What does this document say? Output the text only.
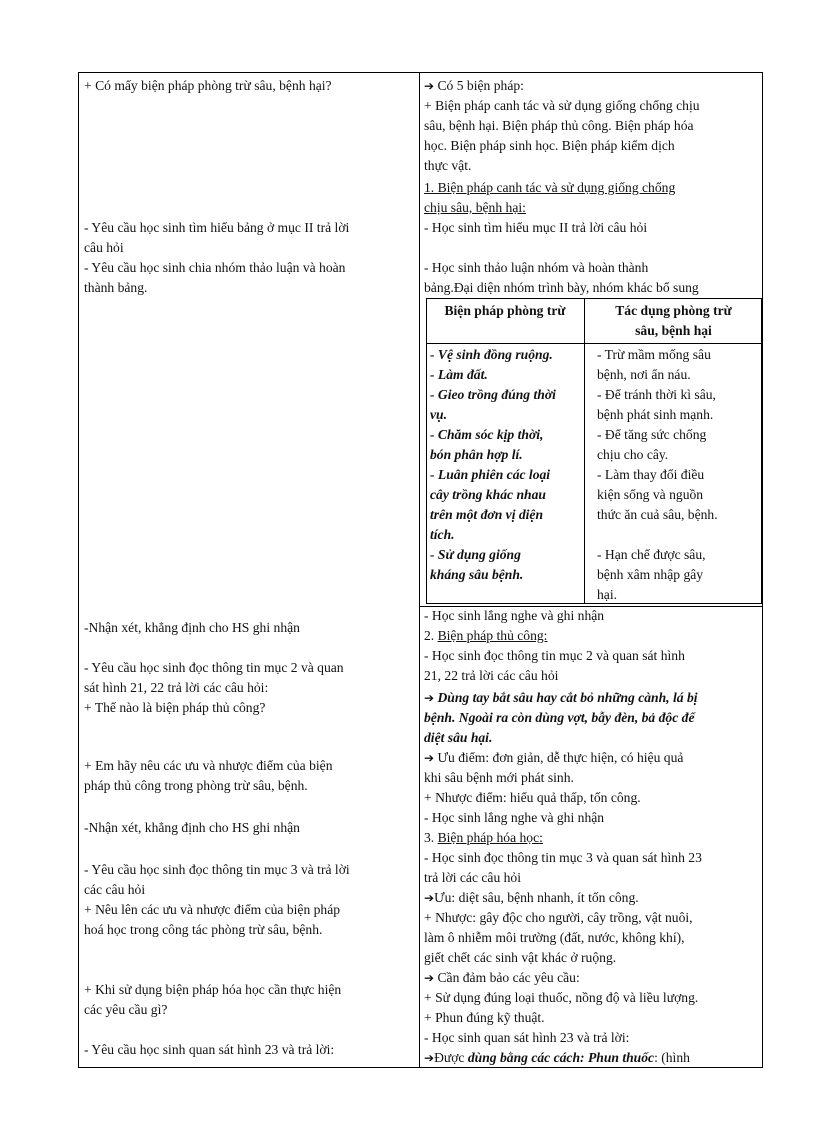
+ Có mấy biện pháp phòng trừ sâu, bệnh hại?
- Yêu cầu học sinh tìm hiểu bảng ở mục II trả lời
câu hỏi
- Yêu cầu học sinh chia nhóm thảo luận và hoàn
thành bảng.
-Nhận xét, khẳng định cho HS ghi nhận
- Yêu cầu học sinh đọc thông tin mục 2 và quan
sát hình 21, 22 trả lời các câu hỏi:
+ Thế nào là biện pháp thủ công?
+ Em hãy nêu các ưu và nhược điểm của biện
pháp thủ công trong phòng trừ sâu, bệnh.
-Nhận xét, khẳng định cho HS ghi nhận
- Yêu cầu học sinh đọc thông tin mục 3 và trả lời
các câu hỏi
+ Nêu lên các ưu và nhược điểm của biện pháp
hoá học trong công tác phòng trừ sâu, bệnh.
+ Khi sử dụng biện pháp hóa học cần thực hiện
các yêu cầu gì?
- Yêu cầu học sinh quan sát hình 23 và trả lời:
➔ Có 5 biện pháp:
+ Biện pháp canh tác và sử dụng giống chống chịu
sâu, bệnh hại. Biện pháp thủ công. Biện pháp hóa
học. Biện pháp sinh học. Biện pháp kiểm dịch
thực vật.
1. Biện pháp canh tác và sử dụng giống chống
chịu sâu, bệnh hại:
- Học sinh tìm hiểu mục II trả lời câu hỏi
- Học sinh thảo luận nhóm và hoàn thành
bảng.Đại diện nhóm trình bày, nhóm khác bổ sung
- Học sinh lắng nghe và ghi nhận
2. Biện pháp thủ công:
- Học sinh đọc thông tin mục 2 và quan sát hình
21, 22 trả lời các câu hỏi
➔ Dùng tay bắt sâu hay cắt bỏ những cành, lá bị
bệnh. Ngoài ra còn dùng vợt, bẫy đèn, bả độc để
diệt sâu hại.
➔ Ưu điểm: đơn giản, dễ thực hiện, có hiệu quả
khi sâu bệnh mới phát sinh.
+ Nhược điểm: hiểu quả thấp, tốn công.
- Học sinh lắng nghe và ghi nhận
3. Biện pháp hóa học:
- Học sinh đọc thông tin mục 3 và quan sát hình 23
trả lời các câu hỏi
➔Ưu: diệt sâu, bệnh nhanh, ít tốn công.
+ Nhược: gây độc cho người, cây trồng, vật nuôi,
làm ô nhiễm môi trường (đất, nước, không khí),
giết chết các sinh vật khác ở ruộng.
➔ Cần đảm bảo các yêu cầu:
+ Sử dụng đúng loại thuốc, nồng độ và liều lượng.
+ Phun đúng kỹ thuật.
- Học sinh quan sát hình 23 và trả lời:
➔Được dùng bằng các cách: Phun thuốc: (hình
Biện pháp phòng trừ	Tác dụng phòng trừ
sâu, bệnh hại
- Vệ sinh đồng ruộng.
- Làm đất.
- Gieo trồng đúng thời
vụ.
- Chăm sóc kịp thời,
bón phân hợp lí.
- Luân phiên các loại
cây trồng khác nhau
trên một đơn vị diện
tích.
- Sử dụng giống
kháng sâu bệnh.
- Trừ mầm mống sâu
bệnh, nơi ẩn náu.
- Để tránh thời kì sâu,
bệnh phát sinh mạnh.
- Để tăng sức chống
chịu cho cây.
- Làm thay đổi điều
kiện sống và nguồn
thức ăn cuả sâu, bệnh.

- Hạn chế được sâu,
bệnh xâm nhập gây
hại.
